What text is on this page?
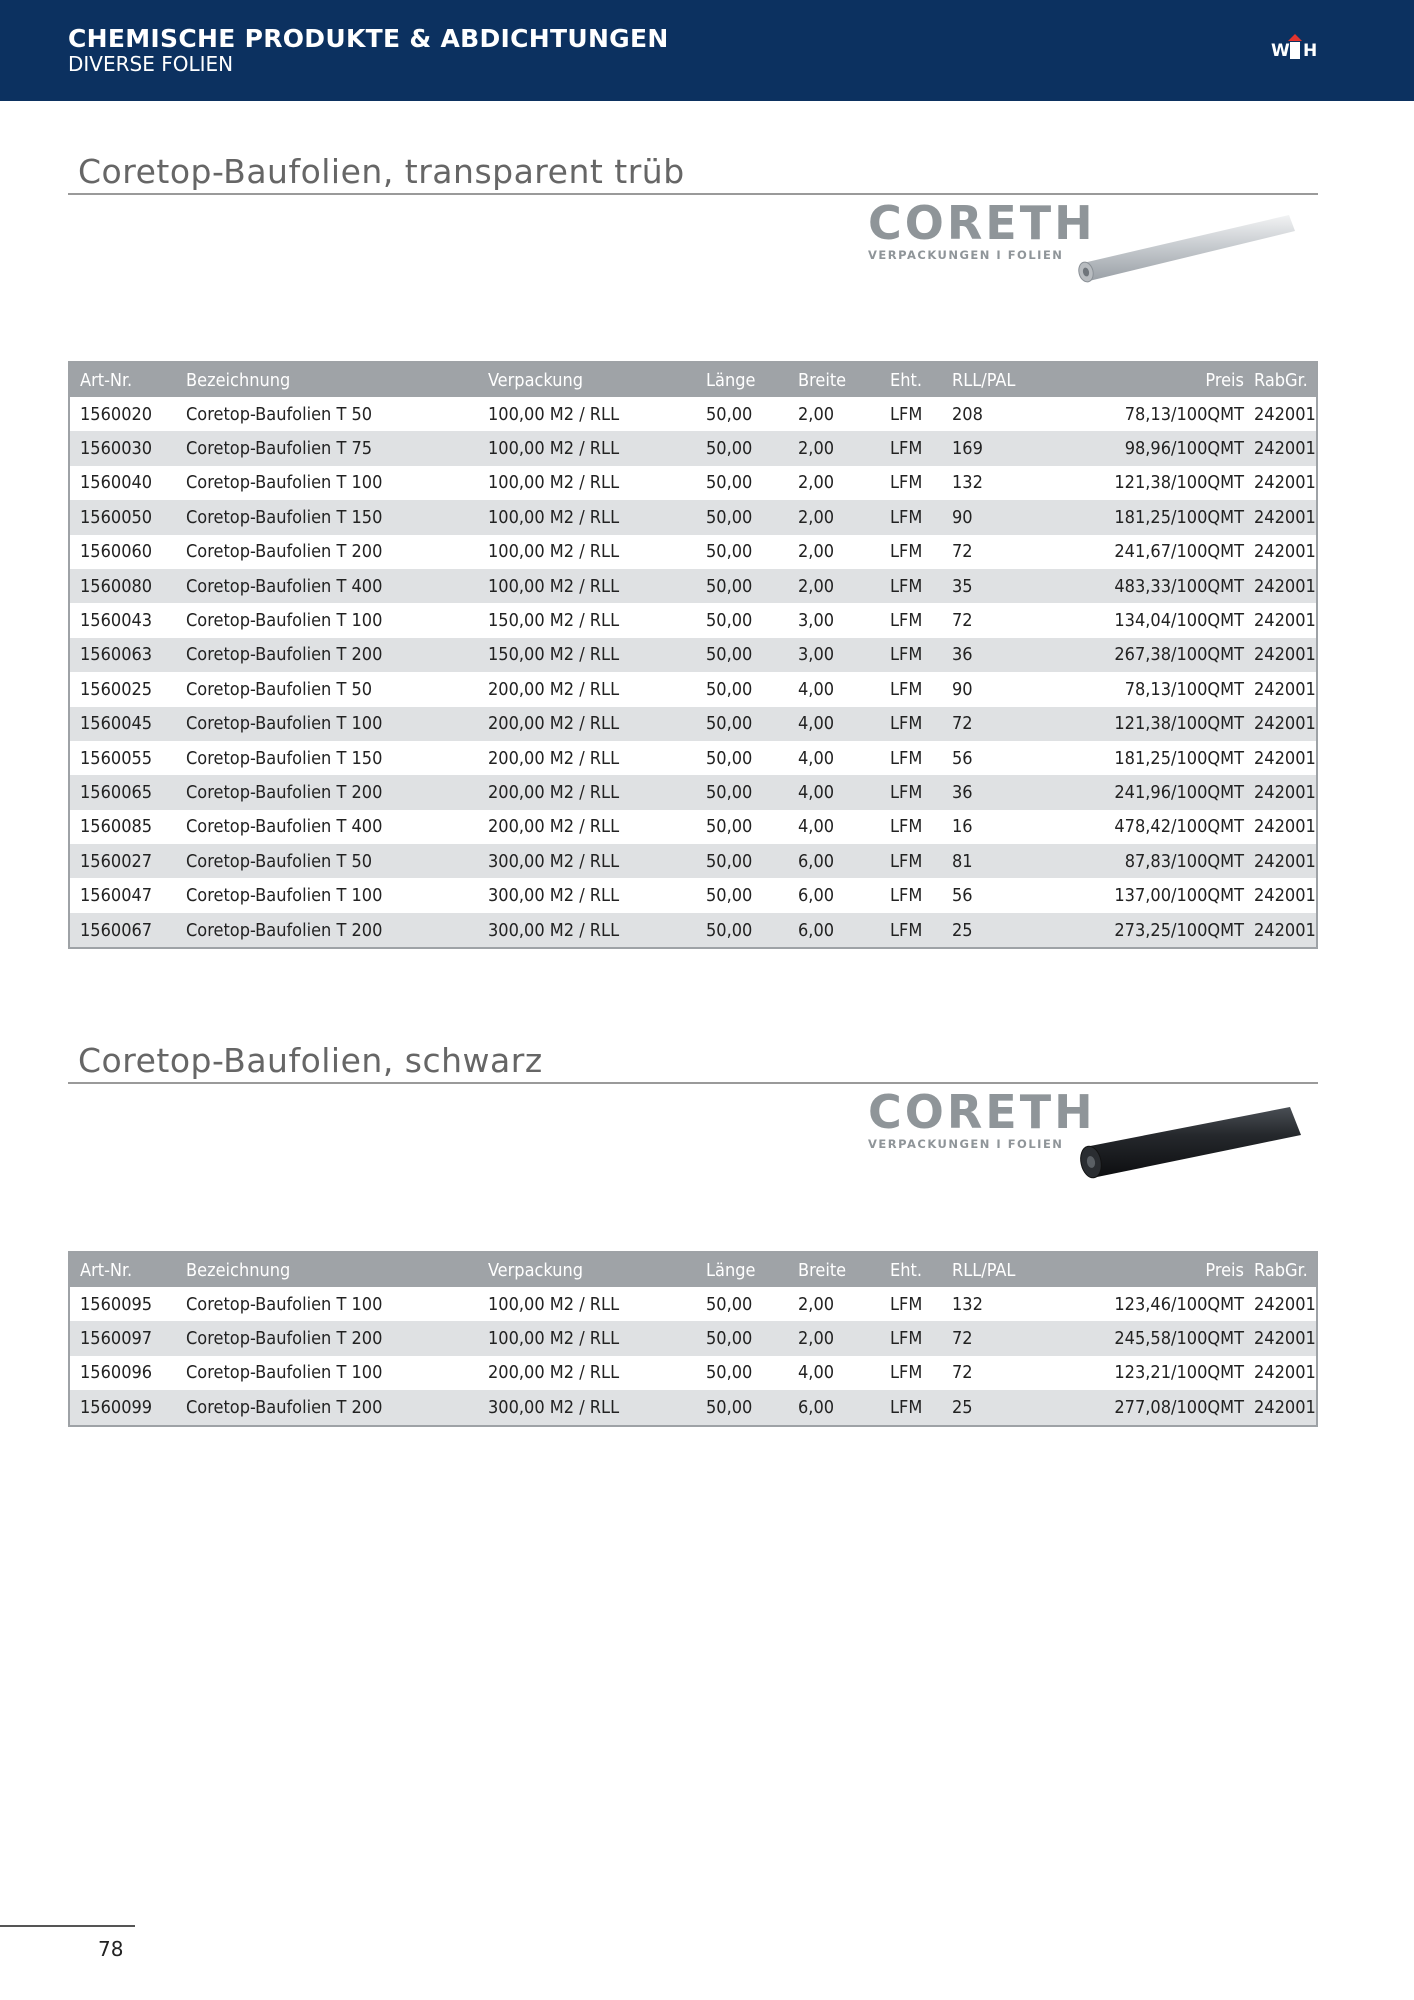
CHEMISCHE PRODUKTE & ABDICHTUNGEN
DIVERSE FOLIEN
W H
Coretop-Baufolien, transparent trüb
CORETH
VERPACKUNGEN I FOLIEN
Art-Nr.	Bezeichnung	Verpackung	Länge	Breite	Eht.	RLL/PAL	Preis	RabGr.
1560020	Coretop-Baufolien T 50	100,00 M2 / RLL	50,00	2,00	LFM	208	78,13/100QMT	242001
1560030	Coretop-Baufolien T 75	100,00 M2 / RLL	50,00	2,00	LFM	169	98,96/100QMT	242001
1560040	Coretop-Baufolien T 100	100,00 M2 / RLL	50,00	2,00	LFM	132	121,38/100QMT	242001
1560050	Coretop-Baufolien T 150	100,00 M2 / RLL	50,00	2,00	LFM	90	181,25/100QMT	242001
1560060	Coretop-Baufolien T 200	100,00 M2 / RLL	50,00	2,00	LFM	72	241,67/100QMT	242001
1560080	Coretop-Baufolien T 400	100,00 M2 / RLL	50,00	2,00	LFM	35	483,33/100QMT	242001
1560043	Coretop-Baufolien T 100	150,00 M2 / RLL	50,00	3,00	LFM	72	134,04/100QMT	242001
1560063	Coretop-Baufolien T 200	150,00 M2 / RLL	50,00	3,00	LFM	36	267,38/100QMT	242001
1560025	Coretop-Baufolien T 50	200,00 M2 / RLL	50,00	4,00	LFM	90	78,13/100QMT	242001
1560045	Coretop-Baufolien T 100	200,00 M2 / RLL	50,00	4,00	LFM	72	121,38/100QMT	242001
1560055	Coretop-Baufolien T 150	200,00 M2 / RLL	50,00	4,00	LFM	56	181,25/100QMT	242001
1560065	Coretop-Baufolien T 200	200,00 M2 / RLL	50,00	4,00	LFM	36	241,96/100QMT	242001
1560085	Coretop-Baufolien T 400	200,00 M2 / RLL	50,00	4,00	LFM	16	478,42/100QMT	242001
1560027	Coretop-Baufolien T 50	300,00 M2 / RLL	50,00	6,00	LFM	81	87,83/100QMT	242001
1560047	Coretop-Baufolien T 100	300,00 M2 / RLL	50,00	6,00	LFM	56	137,00/100QMT	242001
1560067	Coretop-Baufolien T 200	300,00 M2 / RLL	50,00	6,00	LFM	25	273,25/100QMT	242001
Coretop-Baufolien, schwarz
CORETH
VERPACKUNGEN I FOLIEN
Art-Nr.	Bezeichnung	Verpackung	Länge	Breite	Eht.	RLL/PAL	Preis	RabGr.
1560095	Coretop-Baufolien T 100	100,00 M2 / RLL	50,00	2,00	LFM	132	123,46/100QMT	242001
1560097	Coretop-Baufolien T 200	100,00 M2 / RLL	50,00	2,00	LFM	72	245,58/100QMT	242001
1560096	Coretop-Baufolien T 100	200,00 M2 / RLL	50,00	4,00	LFM	72	123,21/100QMT	242001
1560099	Coretop-Baufolien T 200	300,00 M2 / RLL	50,00	6,00	LFM	25	277,08/100QMT	242001
78
